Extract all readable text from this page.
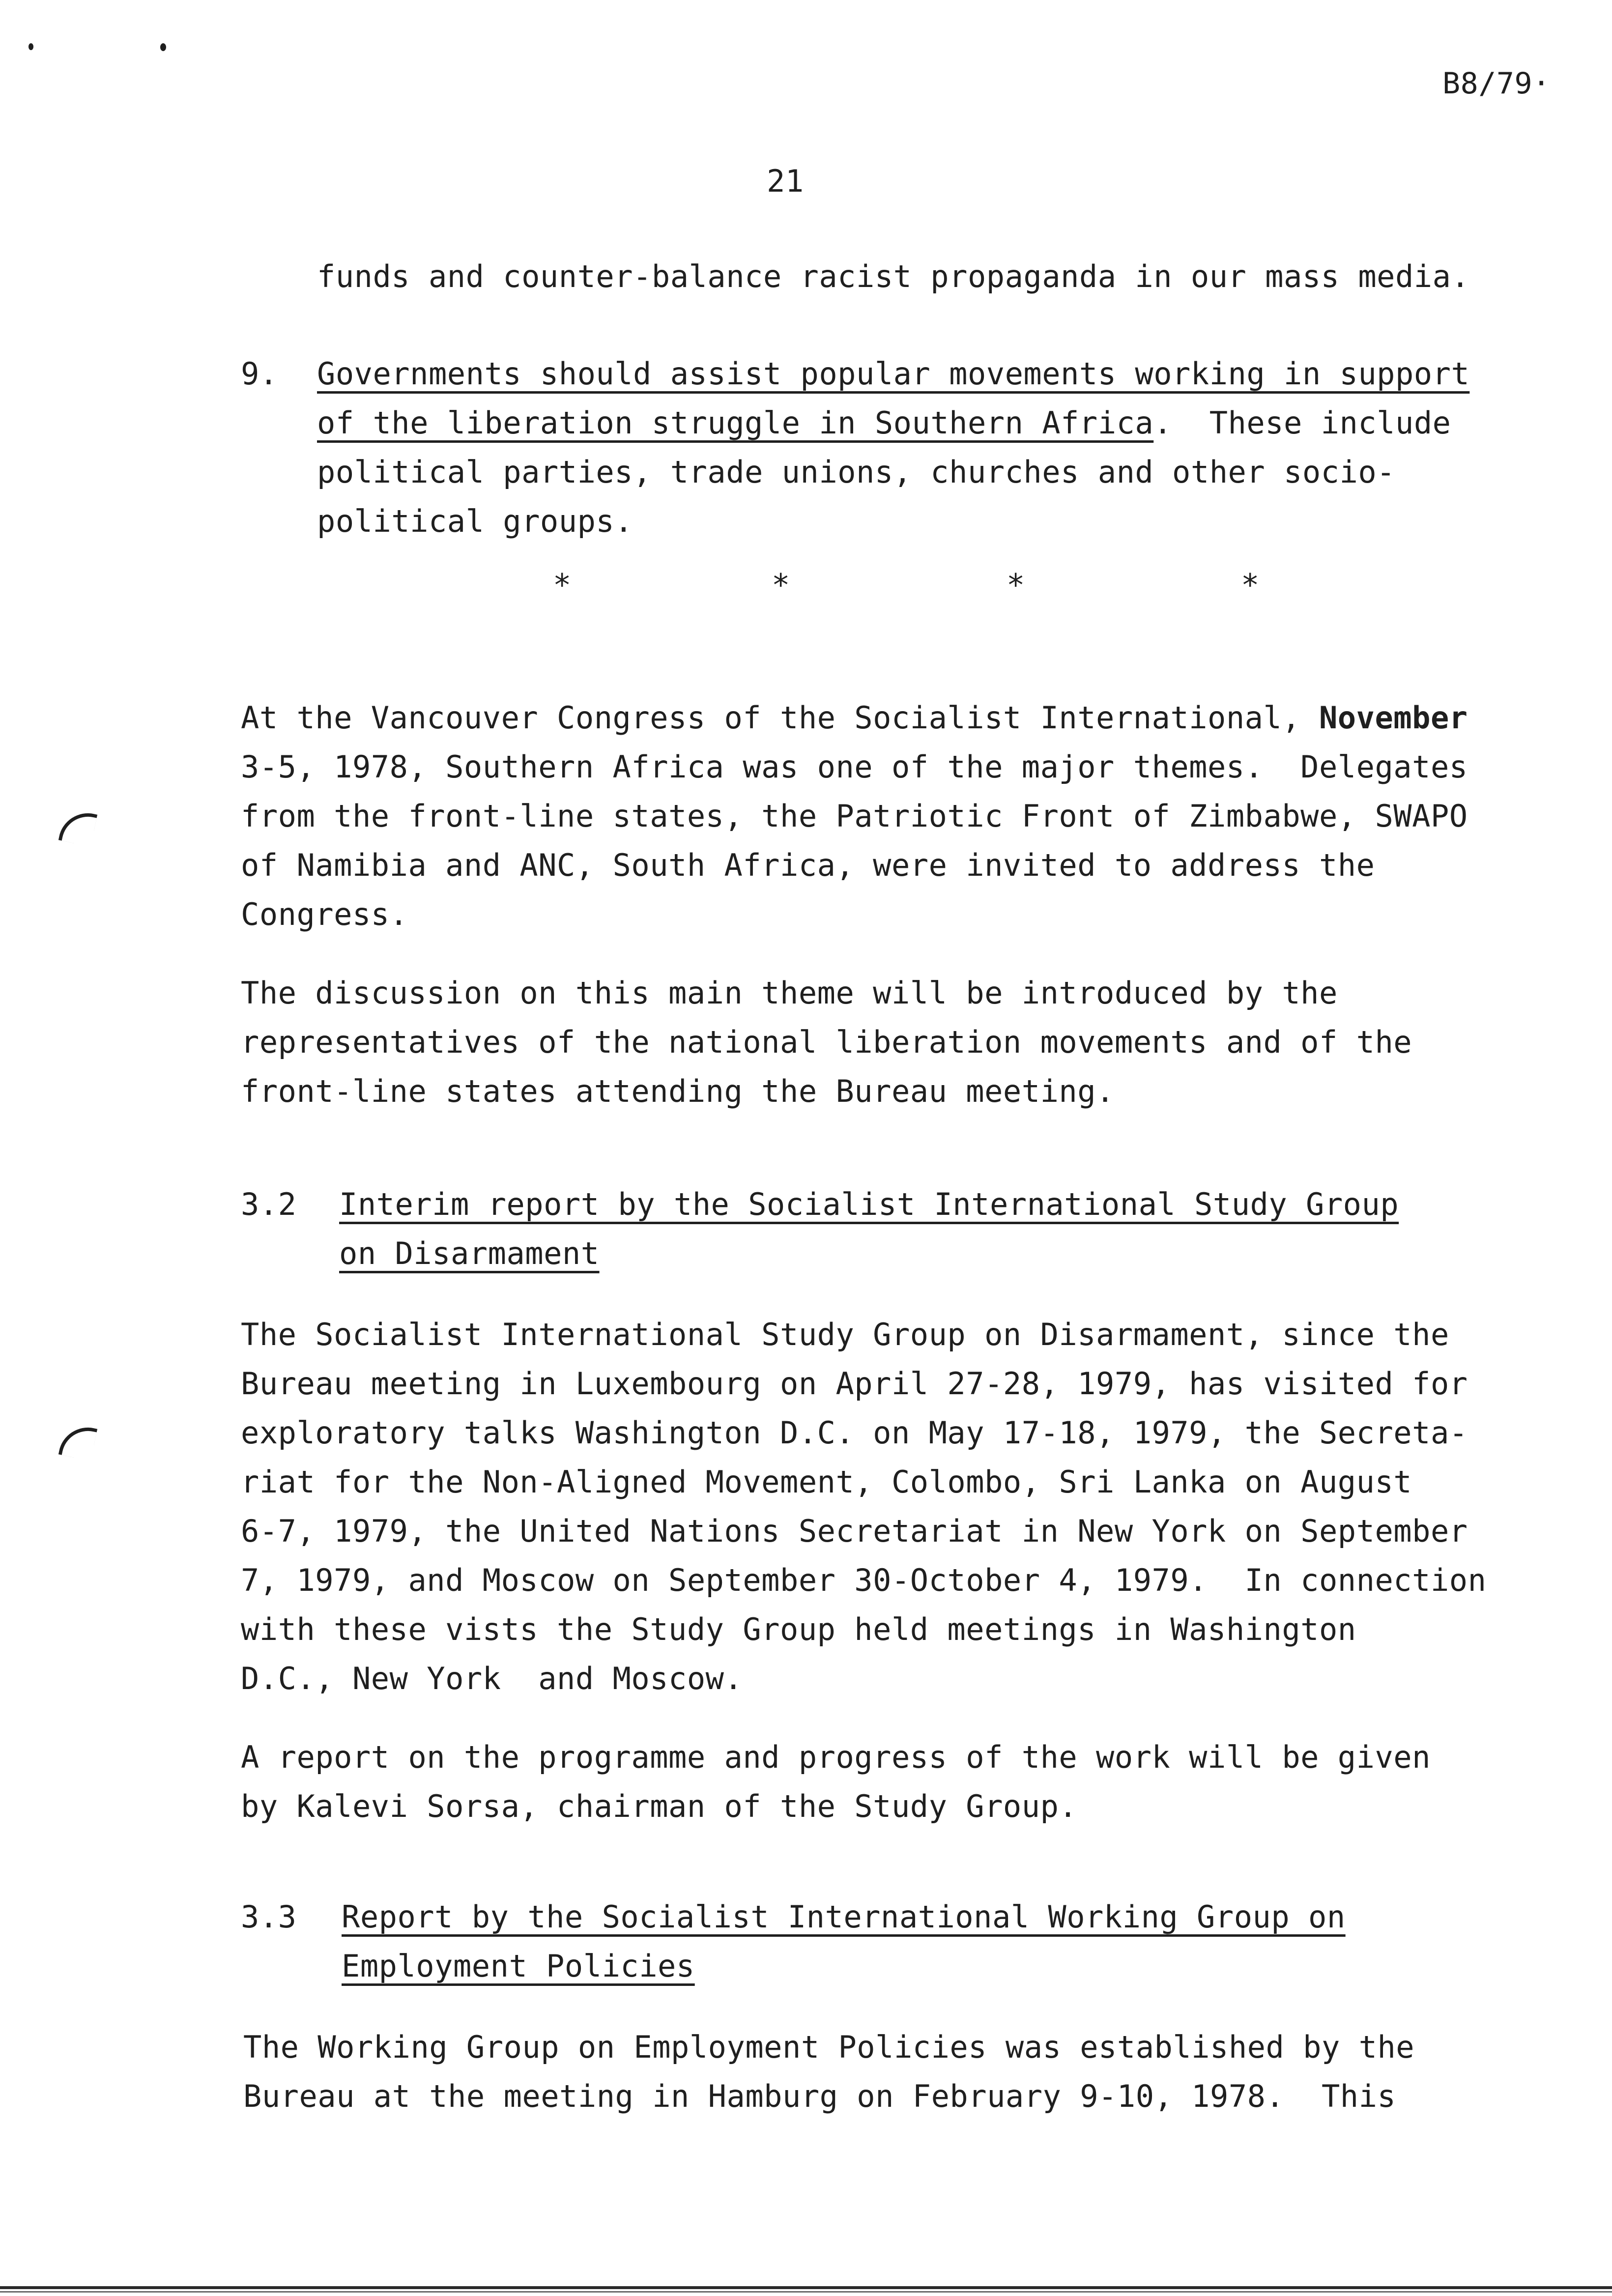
B8/79·
21
funds and counter-balance racist propaganda in our mass media.
9. Governments should assist popular movements working in support
of the liberation struggle in Southern Africa.  These include
political parties, trade unions, churches and other socio-
political groups.
*	*	*	*
At the Vancouver Congress of the Socialist International, November
3-5, 1978, Southern Africa was one of the major themes.  Delegates
from the front-line states, the Patriotic Front of Zimbabwe, SWAPO
of Namibia and ANC, South Africa, were invited to address the
Congress.
The discussion on this main theme will be introduced by the
representatives of the national liberation movements and of the
front-line states attending the Bureau meeting.
3.2 Interim report by the Socialist International Study Group
on Disarmament
The Socialist International Study Group on Disarmament, since the
Bureau meeting in Luxembourg on April 27-28, 1979, has visited for
exploratory talks Washington D.C. on May 17-18, 1979, the Secreta-
riat for the Non-Aligned Movement, Colombo, Sri Lanka on August
6-7, 1979, the United Nations Secretariat in New York on September
7, 1979, and Moscow on September 30-October 4, 1979.  In connection
with these vists the Study Group held meetings in Washington
D.C., New York  and Moscow.
A report on the programme and progress of the work will be given
by Kalevi Sorsa, chairman of the Study Group.
3.3 Report by the Socialist International Working Group on
Employment Policies
The Working Group on Employment Policies was established by the
Bureau at the meeting in Hamburg on February 9-10, 1978.  This
